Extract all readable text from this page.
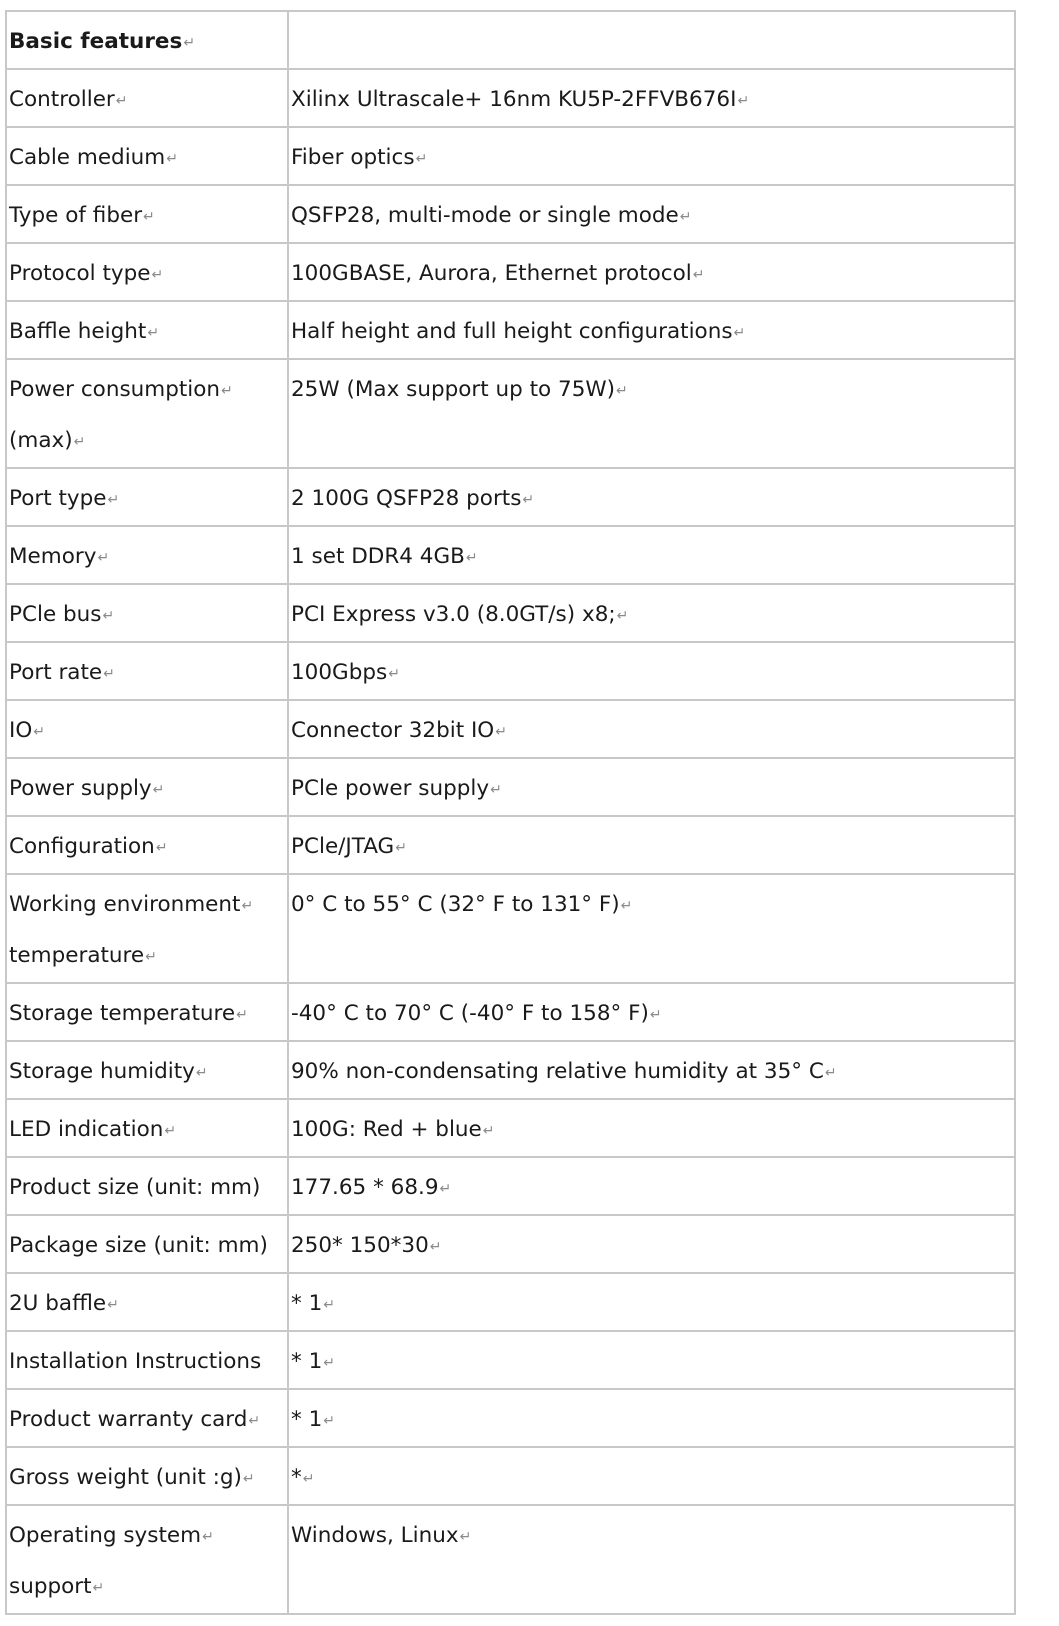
Basic features↵	
Controller↵	Xilinx Ultrascale+ 16nm KU5P-2FFVB676I↵
Cable medium↵	Fiber optics↵
Type of fiber↵	QSFP28, multi-mode or single mode↵
Protocol type↵	100GBASE, Aurora, Ethernet protocol↵
Baffle height↵	Half height and full height configurations↵

Power consumption↵
(max)↵	25W (Max support up to 75W)↵
Port type↵	2 100G QSFP28 ports↵
Memory↵	1 set DDR4 4GB↵
PCle bus↵	PCI Express v3.0 (8.0GT/s) x8;↵
Port rate↵	100Gbps↵
IO↵	Connector 32bit IO↵
Power supply↵	PCle power supply↵
Configuration↵	PCle/JTAG↵

Working environment↵
temperature↵	0° C to 55° C (32° F to 131° F)↵
Storage temperature↵	-40° C to 70° C (-40° F to 158° F)↵
Storage humidity↵	90% non-condensating relative humidity at 35° C↵
LED indication↵	100G: Red + blue↵
Product size (unit: mm)	177.65 * 68.9↵
Package size (unit: mm)	250* 150*30↵
2U baffle↵	* 1↵
Installation Instructions	* 1↵
Product warranty card↵	* 1↵
Gross weight (unit :g)↵	*↵

Operating system↵
support↵	Windows, Linux↵
